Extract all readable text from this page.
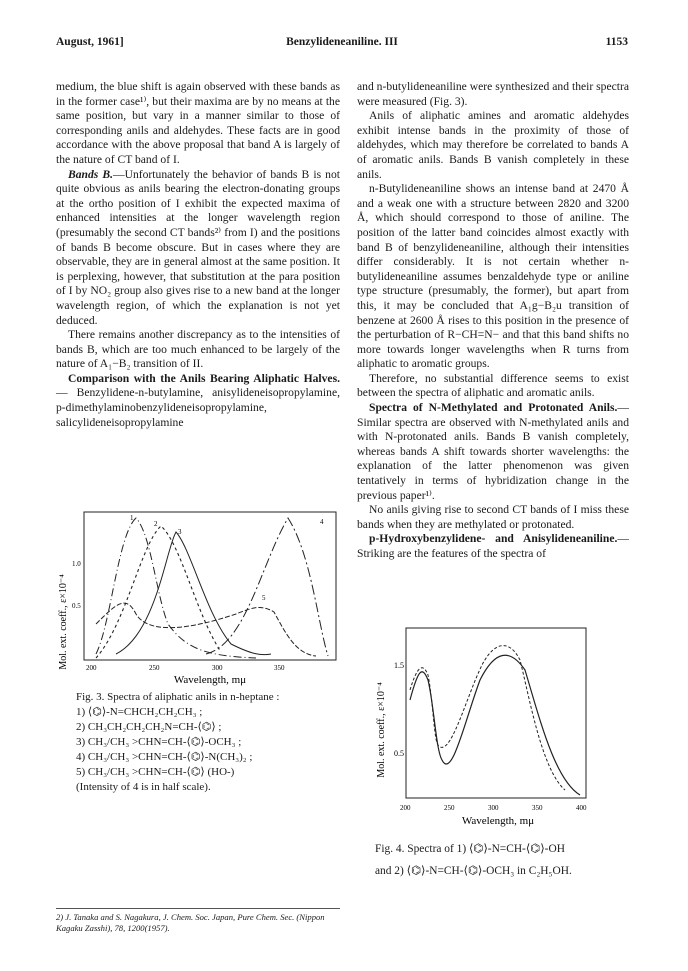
August, 1961]	Benzylideneaniline. III	1153

medium, the blue shift is again observed with these bands as in the former case¹⁾, but their maxima are by no means at the same position, but vary in a manner similar to those of corresponding anils and aldehydes. These facts are in good accordance with the above proposal that band A is largely of the nature of CT band of I.

Bands B.—Unfortunately the behavior of bands B is not quite obvious as anils bearing the electron-donating groups at the ortho position of I exhibit the expected maxima of enhanced intensities at the longer wavelength region (presumably the second CT bands²⁾ from I) and the positions of bands B become obscure. But in cases where they are observable, they are in general almost at the same position. It is perplexing, however, that substitution at the para position of I by NO₂ group also gives rise to a new band at the longer wavelength region, of which the explanation is not yet deduced.

There remains another discrepancy as to the intensities of bands B, which are too much enhanced to be largely of the nature of A₁−B₂ transition of II.

Comparison with the Anils Bearing Aliphatic Halves. — Benzylidene-n-butylamine, anisylideneisopropylamine, p-dimethylaminobenzylideneisopropylamine, salicylideneisopropylamine

and n-butylideneaniline were synthesized and their spectra were measured (Fig. 3).

Anils of aliphatic amines and aromatic aldehydes exhibit intense bands in the proximity of those of aldehydes, which may therefore be correlated to bands A of aromatic anils. Bands B vanish completely in these anils.

n-Butylideneaniline shows an intense band at 2470 Å and a weak one with a structure between 2820 and 3200 Å, which should correspond to those of aniline. The position of the latter band coincides almost exactly with band B of benzylideneaniline, although their intensities differ considerably. It is not certain whether n-butylideneaniline assumes benzaldehyde type or aniline type structure (presumably, the former), but apart from this, it may be concluded that A₁g−B₂u transition of benzene at 2600 Å rises to this position in the presence of the perturbation of R−CH=N− and that this band shifts no more towards longer wavelengths when R turns from aliphatic to aromatic groups.

Therefore, no substantial difference seems to exist between the spectra of aliphatic and aromatic anils.

Spectra of N-Methylated and Protonated Anils.—Similar spectra are observed with N-methylated anils and with N-protonated anils. Bands B vanish completely, whereas bands A shift towards shorter wavelengths: the explanation of the latter phenomenon was given tentatively in terms of hybridization change in the previous paper¹⁾.

No anils giving rise to second CT bands of I miss these bands when they are methylated or protonated.

p-Hydroxybenzylidene- and Anisylideneaniline.—Striking are the features of the spectra of

Mol. ext. coeff., ε×10⁻⁴
1.0
0.5
200	250	300	350
Wavelength, mμ
1
2
3
4
5
Fig. 3. Spectra of aliphatic anils in n-heptane :
1) ⟨⌬⟩-N=CHCH₂CH₂CH₃ ;
2) CH₃CH₂CH₂CH₂N=CH-⟨⌬⟩ ;
3) CH₃/CH₃ >CHN=CH-⟨⌬⟩-OCH₃ ;
4) CH₃/CH₃ >CHN=CH-⟨⌬⟩-N(CH₃)₂ ;
5) CH₃/CH₃ >CHN=CH-⟨⌬⟩ (HO-)
(Intensity of 4 is in half scale).
Mol. ext. coeff., ε×10⁻⁴
1.5
0.5
200	250	300	350	400
Wavelength, mμ
Fig. 4. Spectra of 1) ⟨⌬⟩-N=CH-⟨⌬⟩-OH
and 2) ⟨⌬⟩-N=CH-⟨⌬⟩-OCH₃ in C₂H₅OH.
2) J. Tanaka and S. Nagakura, J. Chem. Soc. Japan, Pure Chem. Sec. (Nippon Kagaku Zasshi), 78, 1200(1957).
